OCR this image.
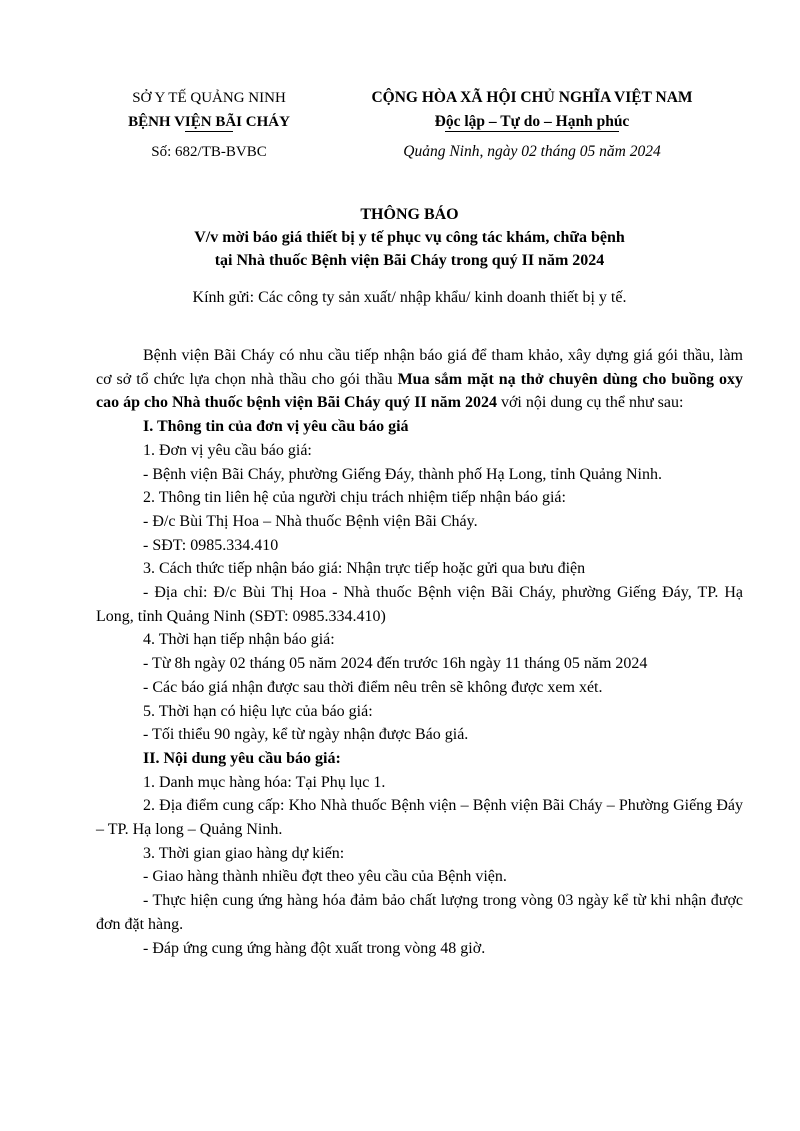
SỞ Y TẾ QUẢNG NINH
BỆNH VIỆN BÃI CHÁY
Số: 682/TB-BVBC
CỘNG HÒA XÃ HỘI CHỦ NGHĨA VIỆT NAM
Độc lập – Tự do – Hạnh phúc
Quảng Ninh, ngày 02 tháng 05 năm 2024
THÔNG BÁO
V/v mời báo giá thiết bị y tế phục vụ công tác khám, chữa bệnh
tại Nhà thuốc Bệnh viện Bãi Cháy trong quý II năm 2024
Kính gửi: Các công ty sản xuất/ nhập khẩu/ kinh doanh thiết bị y tế.

Bệnh viện Bãi Cháy có nhu cầu tiếp nhận báo giá để tham khảo, xây dựng giá gói thầu, làm cơ sở tổ chức lựa chọn nhà thầu cho gói thầu Mua sắm mặt nạ thở chuyên dùng cho buồng oxy cao áp cho Nhà thuốc bệnh viện Bãi Cháy quý II năm 2024 với nội dung cụ thể như sau:

I. Thông tin của đơn vị yêu cầu báo giá

1. Đơn vị yêu cầu báo giá:

- Bệnh viện Bãi Cháy, phường Giếng Đáy, thành phố Hạ Long, tỉnh Quảng Ninh.

2. Thông tin liên hệ của người chịu trách nhiệm tiếp nhận báo giá:

- Đ/c Bùi Thị Hoa – Nhà thuốc Bệnh viện Bãi Cháy.

- SĐT: 0985.334.410

3. Cách thức tiếp nhận báo giá: Nhận trực tiếp hoặc gửi qua bưu điện

- Địa chỉ: Đ/c Bùi Thị Hoa - Nhà thuốc Bệnh viện Bãi Cháy, phường Giếng Đáy, TP. Hạ Long, tỉnh Quảng Ninh (SĐT: 0985.334.410)

4. Thời hạn tiếp nhận báo giá:

- Từ 8h ngày 02 tháng 05 năm 2024 đến trước 16h ngày 11 tháng 05 năm 2024

- Các báo giá nhận được sau thời điểm nêu trên sẽ không được xem xét.

5. Thời hạn có hiệu lực của báo giá:

- Tối thiểu 90 ngày, kể từ ngày nhận được Báo giá.

II. Nội dung yêu cầu báo giá:

1. Danh mục hàng hóa: Tại Phụ lục 1.

2. Địa điểm cung cấp: Kho Nhà thuốc Bệnh viện – Bệnh viện Bãi Cháy – Phường Giếng Đáy – TP. Hạ long – Quảng Ninh.

3. Thời gian giao hàng dự kiến:

- Giao hàng thành nhiều đợt theo yêu cầu của Bệnh viện.

- Thực hiện cung ứng hàng hóa đảm bảo chất lượng trong vòng 03 ngày kể từ khi nhận được đơn đặt hàng.

- Đáp ứng cung ứng hàng đột xuất trong vòng 48 giờ.
